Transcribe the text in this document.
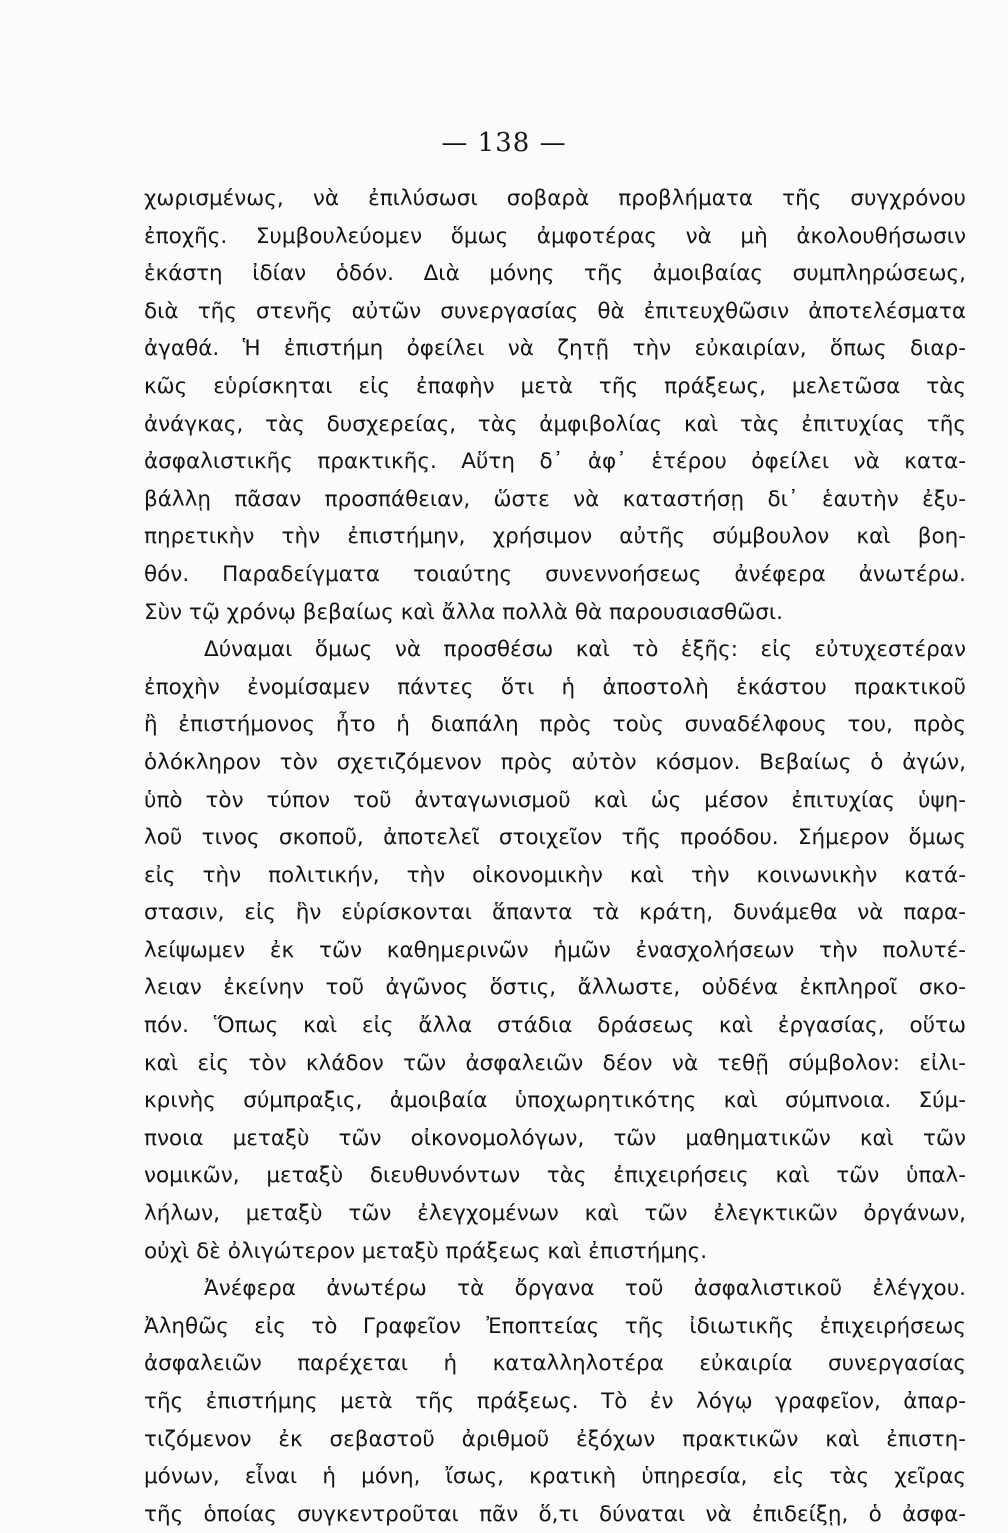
— 138 —
χωρισμένως, νὰ ἐπιλύσωσι σοβαρὰ προβλήματα τῆς συγχρόνου
ἐποχῆς. Συμβουλεύομεν ὅμως ἀμφοτέρας νὰ μὴ ἀκολουθήσωσιν
ἑκάστη ἰδίαν ὁδόν. Διὰ μόνης τῆς ἀμοιβαίας συμπληρώσεως,
διὰ τῆς στενῆς αὐτῶν συνεργασίας θὰ ἐπιτευχθῶσιν ἀποτελέσματα
ἀγαθά. Ἡ ἐπιστήμη ὀφείλει νὰ ζητῇ τὴν εὐκαιρίαν, ὅπως διαρ-
κῶς εὑρίσκηται εἰς ἐπαφὴν μετὰ τῆς πράξεως, μελετῶσα τὰς
ἀνάγκας, τὰς δυσχερείας, τὰς ἀμφιβολίας καὶ τὰς ἐπιτυχίας τῆς
ἀσφαλιστικῆς πρακτικῆς. Αὕτη δ᾽ ἀφ᾽ ἑτέρου ὀφείλει νὰ κατα-
βάλλῃ πᾶσαν προσπάθειαν, ὥστε νὰ καταστήσῃ δι᾽ ἑαυτὴν ἐξυ-
πηρετικὴν τὴν ἐπιστήμην, χρήσιμον αὐτῆς σύμβουλον καὶ βοη-
θόν. Παραδείγματα τοιαύτης συνεννοήσεως ἀνέφερα ἀνωτέρω.
Σὺν τῷ χρόνῳ βεβαίως καὶ ἄλλα πολλὰ θὰ παρουσιασθῶσι.
Δύναμαι ὅμως νὰ προσθέσω καὶ τὸ ἑξῆς: εἰς εὐτυχεστέραν
ἐποχὴν ἐνομίσαμεν πάντες ὅτι ἡ ἀποστολὴ ἑκάστου πρακτικοῦ
ἢ ἐπιστήμονος ἦτο ἡ διαπάλη πρὸς τοὺς συναδέλφους του, πρὸς
ὁλόκληρον τὸν σχετιζόμενον πρὸς αὐτὸν κόσμον. Βεβαίως ὁ ἀγών,
ὑπὸ τὸν τύπον τοῦ ἀνταγωνισμοῦ καὶ ὡς μέσον ἐπιτυχίας ὑψη-
λοῦ τινος σκοποῦ, ἀποτελεῖ στοιχεῖον τῆς προόδου. Σήμερον ὅμως
εἰς τὴν πολιτικήν, τὴν οἰκονομικὴν καὶ τὴν κοινωνικὴν κατά-
στασιν, εἰς ἣν εὑρίσκονται ἅπαντα τὰ κράτη, δυνάμεθα νὰ παρα-
λείψωμεν ἐκ τῶν καθημερινῶν ἡμῶν ἐνασχολήσεων τὴν πολυτέ-
λειαν ἐκείνην τοῦ ἀγῶνος ὅστις, ἄλλωστε, οὐδένα ἐκπληροῖ σκο-
πόν. Ὅπως καὶ εἰς ἄλλα στάδια δράσεως καὶ ἐργασίας, οὕτω
καὶ εἰς τὸν κλάδον τῶν ἀσφαλειῶν δέον νὰ τεθῇ σύμβολον: εἰλι-
κρινὴς σύμπραξις, ἀμοιβαία ὑποχωρητικότης καὶ σύμπνοια. Σύμ-
πνοια μεταξὺ τῶν οἰκονομολόγων, τῶν μαθηματικῶν καὶ τῶν
νομικῶν, μεταξὺ διευθυνόντων τὰς ἐπιχειρήσεις καὶ τῶν ὑπαλ-
λήλων, μεταξὺ τῶν ἐλεγχομένων καὶ τῶν ἐλεγκτικῶν ὀργάνων,
οὐχὶ δὲ ὀλιγώτερον μεταξὺ πράξεως καὶ ἐπιστήμης.
Ἀνέφερα ἀνωτέρω τὰ ὄργανα τοῦ ἀσφαλιστικοῦ ἐλέγχου.
Ἀληθῶς εἰς τὸ Γραφεῖον Ἐποπτείας τῆς ἰδιωτικῆς ἐπιχειρήσεως
ἀσφαλειῶν παρέχεται ἡ καταλληλοτέρα εὐκαιρία συνεργασίας
τῆς ἐπιστήμης μετὰ τῆς πράξεως. Τὸ ἐν λόγῳ γραφεῖον, ἀπαρ-
τιζόμενον ἐκ σεβαστοῦ ἀριθμοῦ ἐξόχων πρακτικῶν καὶ ἐπιστη-
μόνων, εἶναι ἡ μόνη, ἴσως, κρατικὴ ὑπηρεσία, εἰς τὰς χεῖρας
τῆς ὁποίας συγκεντροῦται πᾶν ὅ,τι δύναται νὰ ἐπιδείξῃ, ὁ ἀσφα-
